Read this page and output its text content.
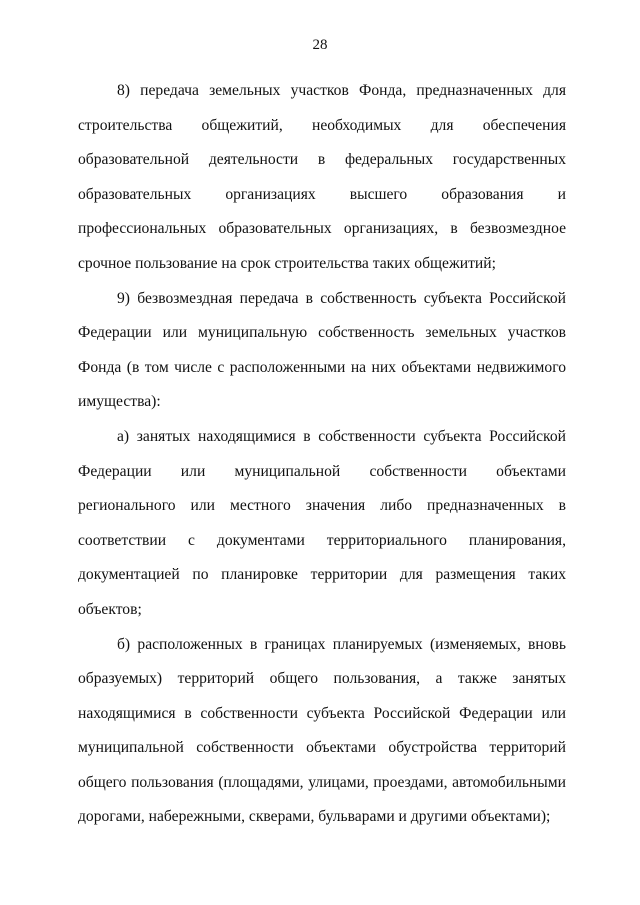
28

8) передача земельных участков Фонда, предназначенных для строительства общежитий, необходимых для обеспечения образовательной деятельности в федеральных государственных образовательных организациях высшего образования и профессиональных образовательных организациях, в безвозмездное срочное пользование на срок строительства таких общежитий;

9) безвозмездная передача в собственность субъекта Российской Федерации или муниципальную собственность земельных участков Фонда (в том числе с расположенными на них объектами недвижимого имущества):

а) занятых находящимися в собственности субъекта Российской Федерации или муниципальной собственности объектами регионального или местного значения либо предназначенных в соответствии с документами территориального планирования, документацией по планировке территории для размещения таких объектов;

б) расположенных в границах планируемых (изменяемых, вновь образуемых) территорий общего пользования, а также занятых находящимися в собственности субъекта Российской Федерации или муниципальной собственности объектами обустройства территорий общего пользования (площадями, улицами, проездами, автомобильными дорогами, набережными, скверами, бульварами и другими объектами);
